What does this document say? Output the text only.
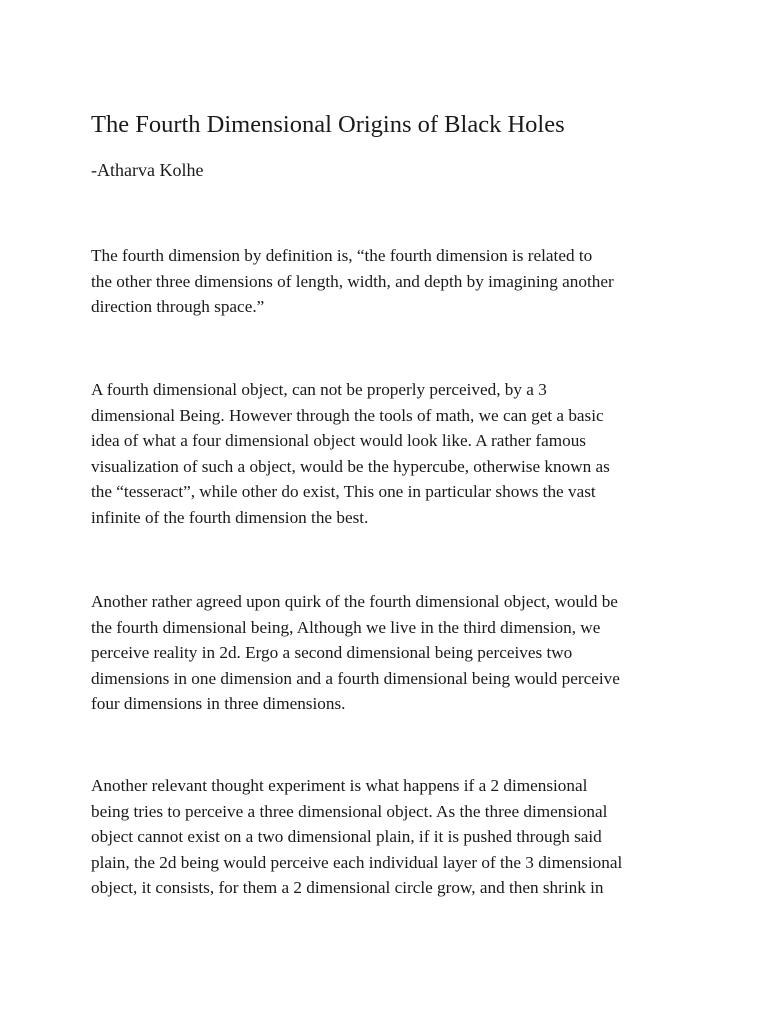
The Fourth Dimensional Origins of Black Holes

-Atharva Kolhe

The fourth dimension by definition is, “the fourth dimension is related to
the other three dimensions of length, width, and depth by imagining another
direction through space.”

A fourth dimensional object, can not be properly perceived, by a 3
dimensional Being. However through the tools of math, we can get a basic
idea of what a four dimensional object would look like. A rather famous
visualization of such a object, would be the hypercube, otherwise known as
the “tesseract”, while other do exist, This one in particular shows the vast
infinite of the fourth dimension the best.

Another rather agreed upon quirk of the fourth dimensional object, would be
the fourth dimensional being, Although we live in the third dimension, we
perceive reality in 2d. Ergo a second dimensional being perceives two
dimensions in one dimension and a fourth dimensional being would perceive
four dimensions in three dimensions.

Another relevant thought experiment is what happens if a 2 dimensional
being tries to perceive a three dimensional object. As the three dimensional
object cannot exist on a two dimensional plain, if it is pushed through said
plain, the 2d being would perceive each individual layer of the 3 dimensional
object, it consists, for them a 2 dimensional circle grow, and then shrink in
